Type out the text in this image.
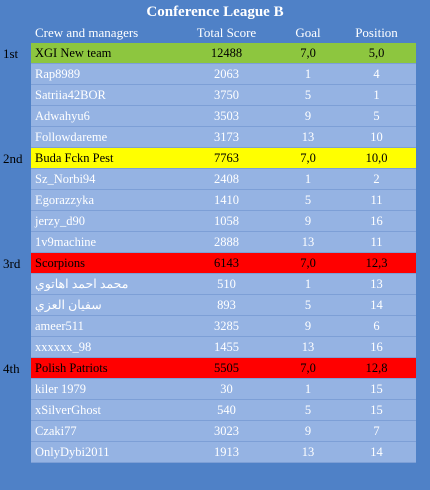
Conference League B
Crew and managers	Total Score	Goal	Position
XGI New team	12488	7,0	5,0
Rap8989	2063	1	4
Satriia42BOR	3750	5	1
Adwahyu6	3503	9	5
Followdareme	3173	13	10
Buda Fckn Pest	7763	7,0	10,0
Sz_Norbi94	2408	1	2
Egorazzyka	1410	5	11
jerzy_d90	1058	9	16
1v9machine	2888	13	11
Scorpions	6143	7,0	12,3
محمد احمد اهاتوي	510	1	13
سفيان العزي	893	5	14
ameer511	3285	9	6
xxxxxx_98	1455	13	16
Polish Patriots	5505	7,0	12,8
kiler 1979	30	1	15
xSilverGhost	540	5	15
Czaki77	3023	9	7
OnlyDybi2011	1913	13	14
1st
2nd
3rd
4th
